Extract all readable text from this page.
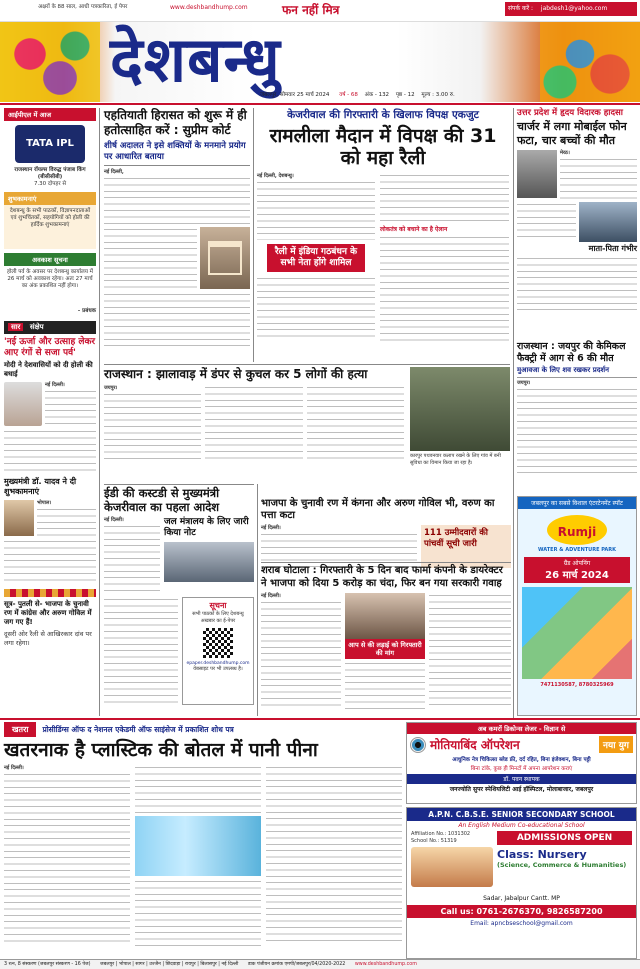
अक्षरों के 88 साल, आधी पत्रकारिता, ई पेपर	www.deshbandhump.com	फन नहीं मित्र	संपर्क करें : jabdesh1@yahoo.com
देशबन्धु
जबलपुर, सोमवार 25 मार्च 2024 वर्ष - 68 अंक - 132 पृष्ठ - 12 मूल्य : 3.00 रु.
आईपीएल में आज
TATA IPL
राजस्थान रॉयल्स विरुद्ध पंजाब किंग (बीसीसीबी)
7.30 दोपहर से
शुभकामनाएं
देशबन्धु के सभी पाठकों, विज्ञापनदाताओं एवं शुभचिंतकों, सहयोगियों को होली की हार्दिक शुभकामनाएं
अवकाश सूचना
होली पर्व के अवसर पर देशबन्धु कार्यालय में 26 मार्च को अवकाश रहेगा। अतः 27 मार्च का अंक प्रकाशित नहीं होगा।
- प्रबंधक
सार संक्षेप
'नई ऊर्जा और उत्साह लेकर आए रंगों से सजा पर्व'
मोदी ने देशवासियों को दी होली की बधाई
नई दिल्ली।
मुख्यमंत्री डॉ. यादव ने दी शुभकामनाएं
भोपाल।
सूत्र- पुतली से- भाजपा के चुनावी रण में कांग्रेस और अरुण गोविल में जग गए हैं!
दूसरी ओर रैली से आखिरकार दांव पर लगा रहेगा।
एहतियाती हिरासत को शुरू में ही हतोत्साहित करें : सुप्रीम कोर्ट
शीर्ष अदालत ने इसे शक्तियों के मनमाने प्रयोग पर आधारित बताया
नई दिल्ली,
केजरीवाल की गिरफ्तारी के खिलाफ विपक्ष एकजुट
रामलीला मैदान में विपक्ष की 31 को महा रैली
नई दिल्ली, देशबन्धु।
रैली में इंडिया गठबंधन के सभी नेता होंगे शामिल
लोकतंत्र को बचाने का है ऐलान
उत्तर प्रदेश में हृदय विदारक हादसा
चार्जर में लगा मोबाईल फोन फटा, चार बच्चों की मौत
मेरठ।
माता-पिता गंभीर
राजस्थान : जयपुर की केमिकल फैक्ट्री में आग से 6 की मौत
मुआवजा के लिए शव रखकर प्रदर्शन
जयपुर।
जबलपुर का सबसे विशाल एंटरटेनमेंट स्पॉट
Rumji
WATER & ADVENTURE PARK
ग्रैंड ओपनिंग
26 मार्च 2024
7471130587, 8780325969
राजस्थान : झालावाड़ में डंपर से कुचल कर 5 लोगों की हत्या
जयपुर।
कारपुर पथवनवार कलाप रखने के लिए गांव में बनी सुविधा का विमान किया जा रहा है।
ईडी की कस्टडी से मुख्यमंत्री केजरीवाल का पहला आदेश
नई दिल्ली।	जल मंत्रालय के लिए जारी किया नोट
सूचना
सभी पाठकों के लिए देशबन्धु अखबार का ई-पेपर
epaper.deshbandhump.com
वेबसाइट पर भी उपलब्ध है।
भाजपा के चुनावी रण में कंगना और अरुण गोविल भी, वरुण का पत्ता कटा
नई दिल्ली।	111 उम्मीदवारों की पांचवीं सूची जारी
शराब घोटाला : गिरफ्तारी के 5 दिन बाद फार्मा कंपनी के डायरेक्टर ने भाजपा को दिया 5 करोड़ का चंदा, फिर बन गया सरकारी गवाह
नई दिल्ली।
आप से की लड़ाई को गिरफ्तारी की मांग
खतरा	प्रोसीडिंग्स ऑफ द नेशनल एकेडमी ऑफ साइंसेज में प्रकाशित शोध पत्र
खतरनाक है प्लास्टिक की बोतल में पानी पीना
नई दिल्ली।
अब कमरों डिकोन्स लेजर - विज्ञान से
मोतियाबिंद ऑपरेशन	नया युग
आधुनिक नेत्र चिकित्सा ब्लेड फ्री, दर्द रहित, बिना इंजेक्शन, बिना पट्टी
बिना टांके, कुछ ही मिनटों में अपना आपरेशन कराएं
डॉ. पवन स्थापक
जनज्योति सुपर स्पेशियलिटी आई हॉस्पिटल, मोलाबाजार, जबलपुर
A.P.N. C.B.S.E. SENIOR SECONDARY SCHOOL
An English Medium Co-educational School
Affiliation No.: 1031302
School No.: 51319	ADMISSIONS OPEN
Class: Nursery
(Science, Commerce & Humanities)
Sadar, Jabalpur Cantt. MP
Call us: 0761-2676370, 9826587200
Email: apncbseschool@gmail.com
3 रत्न, 8 संस्करण (जबलपुर संस्करण - 16 पेज) जबलपुर | भोपाल | सागर | उज्जैन | छिंदवाड़ा | रायपुर | बिलासपुर | नई दिल्ली डाक पंजीयन क्रमांक एमपी/जबलपुर/04/2020-2022 www.deshbandhump.com
